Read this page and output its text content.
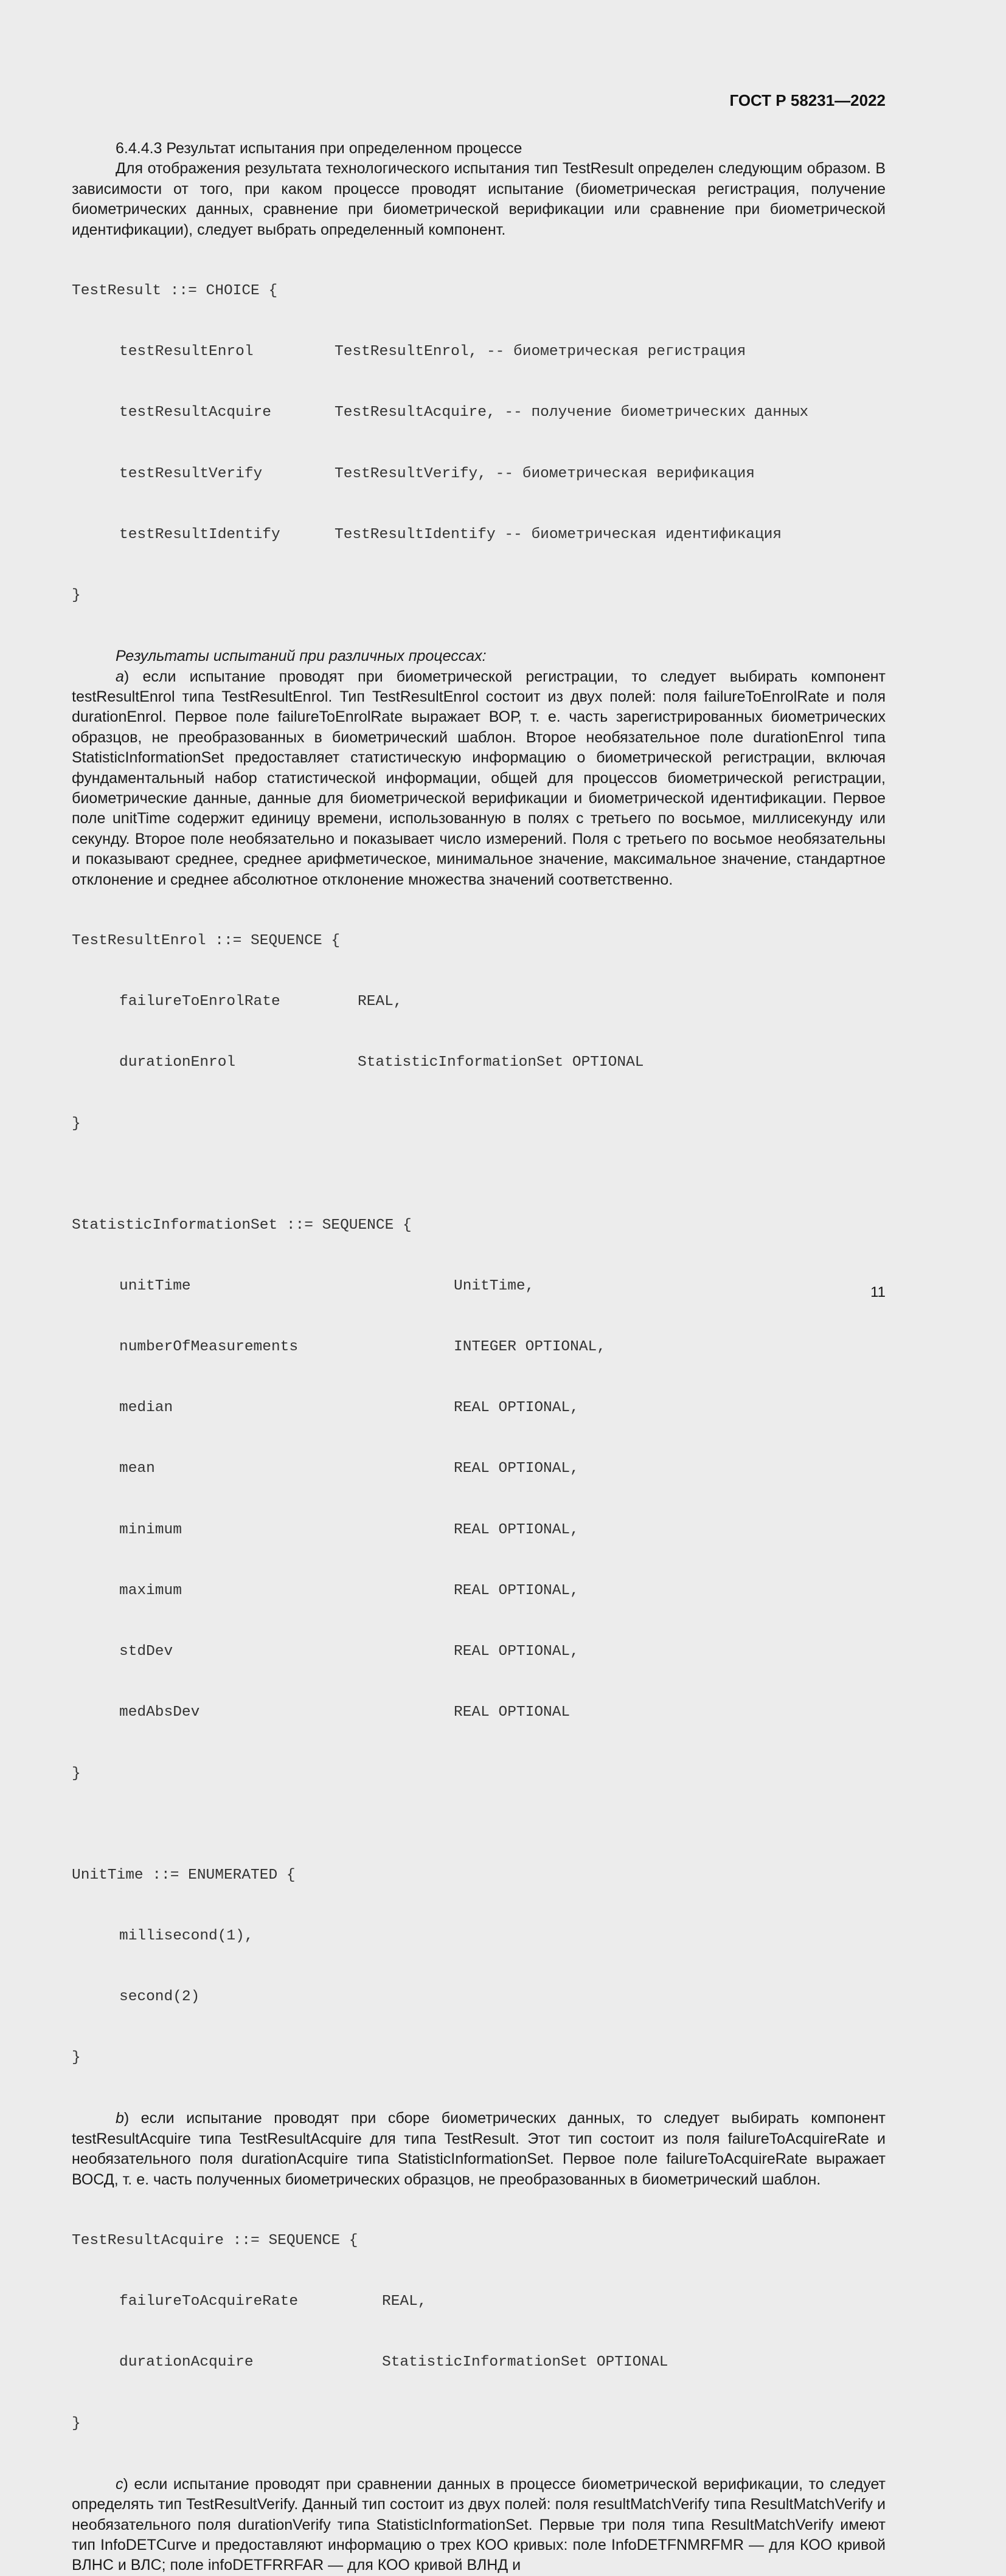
ГОСТ Р 58231—2022

6.4.4.3 Результат испытания при определенном процессе

Для отображения результата технологического испытания тип TestResult определен следующим образом. В зависимости от того, при каком процессе проводят испытание (биометрическая регистрация, получение биометрических данных, сравнение при биометрической верификации или сравнение при биометрической идентификации), следует выбрать определенный компонент.

TestResult ::= CHOICE {

testResultEnrol	TestResultEnrol, -- биометрическая регистрация

testResultAcquire	TestResultAcquire, -- получение биометрических данных

testResultVerify	TestResultVerify, -- биометрическая верификация

testResultIdentify	TestResultIdentify -- биометрическая идентификация

}

Результаты испытаний при различных процессах:

a) если испытание проводят при биометрической регистрации, то следует выбирать компонент testResultEnrol типа TestResultEnrol. Тип TestResultEnrol состоит из двух полей: поля failureToEnrolRate и поля durationEnrol. Первое поле failureToEnrolRate выражает ВОР, т. е. часть зарегистрированных биометрических образцов, не преобразованных в биометрический шаблон. Второе необязательное поле durationEnrol типа StatisticInformationSet предоставляет статистическую информацию о биометрической регистрации, включая фундаментальный набор статистической информации, общей для процессов биометрической регистрации, биометрические данные, данные для биометрической верификации и биометрической идентификации. Первое поле unitTime содержит единицу времени, использованную в полях с третьего по восьмое, миллисекунду или секунду. Второе поле необязательно и показывает число измерений. Поля с третьего по восьмое необязательны и показывают среднее, среднее арифметическое, минимальное значение, максимальное значение, стандартное отклонение и среднее абсолютное отклонение множества значений соответственно.

TestResultEnrol ::= SEQUENCE {

failureToEnrolRate	REAL,

durationEnrol	StatisticInformationSet OPTIONAL

}

StatisticInformationSet ::= SEQUENCE {

unitTime	UnitTime,

numberOfMeasurements	INTEGER OPTIONAL,

median	REAL OPTIONAL,

mean	REAL OPTIONAL,

minimum	REAL OPTIONAL,

maximum	REAL OPTIONAL,

stdDev	REAL OPTIONAL,

medAbsDev	REAL OPTIONAL

}

UnitTime ::= ENUMERATED {

millisecond(1),

second(2)

}

b) если испытание проводят при сборе биометрических данных, то следует выбирать компонент testResultAcquire типа TestResultAcquire для типа TestResult. Этот тип состоит из поля failureToAcquireRate и необязательного поля durationAcquire типа StatisticInformationSet. Первое поле failureToAcquireRate выражает ВОСД, т. е. часть полученных биометрических образцов, не преобразованных в биометрический шаблон.

TestResultAcquire ::= SEQUENCE {

failureToAcquireRate	REAL,

durationAcquire	StatisticInformationSet OPTIONAL

}

c) если испытание проводят при сравнении данных в процессе биометрической верификации, то следует определять тип TestResultVerify. Данный тип состоит из двух полей: поля resultMatchVerify типа ResultMatchVerify и необязательного поля durationVerify типа StatisticInformationSet. Первые три поля типа ResultMatchVerify имеют тип InfoDETCurve и предоставляют информацию о трех КОО кривых: поле InfoDETFNMRFMR — для КОО кривой ВЛНС и ВЛС; поле infoDETFRRFAR — для КОО кривой ВЛНД и

11
